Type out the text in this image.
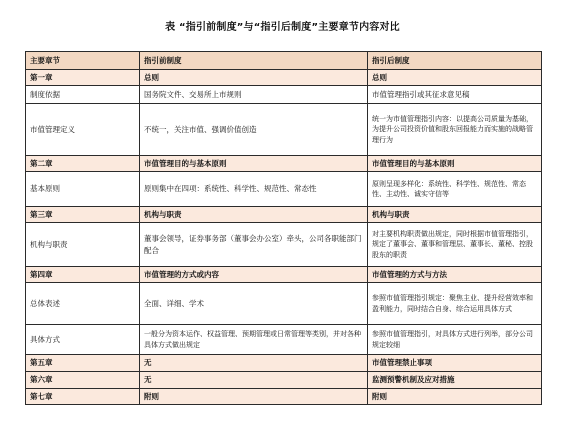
表 “指引前制度”与“指引后制度”主要章节内容对比
主要章节	指引前制度	指引后制度
第一章	总则	总则
制度依据	国务院文件、交易所上市规则	市值管理指引或其征求意见稿
市值管理定义	不统一，关注市值、强调价值创造	统一为市值管理指引内容：以提高公司质量为基础，为提升公司投资价值和股东回报能力而实施的战略管理行为
第二章	市值管理目的与基本原则	市值管理目的与基本原则
基本原则	原则集中在四项：系统性、科学性、规范性、常态性	原则呈现多样化：系统性、科学性、规范性、常态性、主动性、诚实守信等
第三章	机构与职责	机构与职责
机构与职责	董事会领导，证券事务部（董事会办公室）牵头，公司各职能部门配合	对主要机构职责做出规定，同时根据市值管理指引，规定了董事会、董事和管理层、董事长、董秘、控股股东的职责
第四章	市值管理的方式或内容	市值管理的方式与方法
总体表述	全面、详细、学术	参照市值管理指引规定：聚焦主业、提升经营效率和盈利能力，同时结合自身、综合运用具体方式
具体方式	一般分为资本运作、权益管理、预期管理或日常管理等类别，并对各种具体方式做出规定	参照市值管理指引，对具体方式进行列举，部分公司规定较细
第五章	无	市值管理禁止事项
第六章	无	监测预警机制及应对措施
第七章	附则	附则
